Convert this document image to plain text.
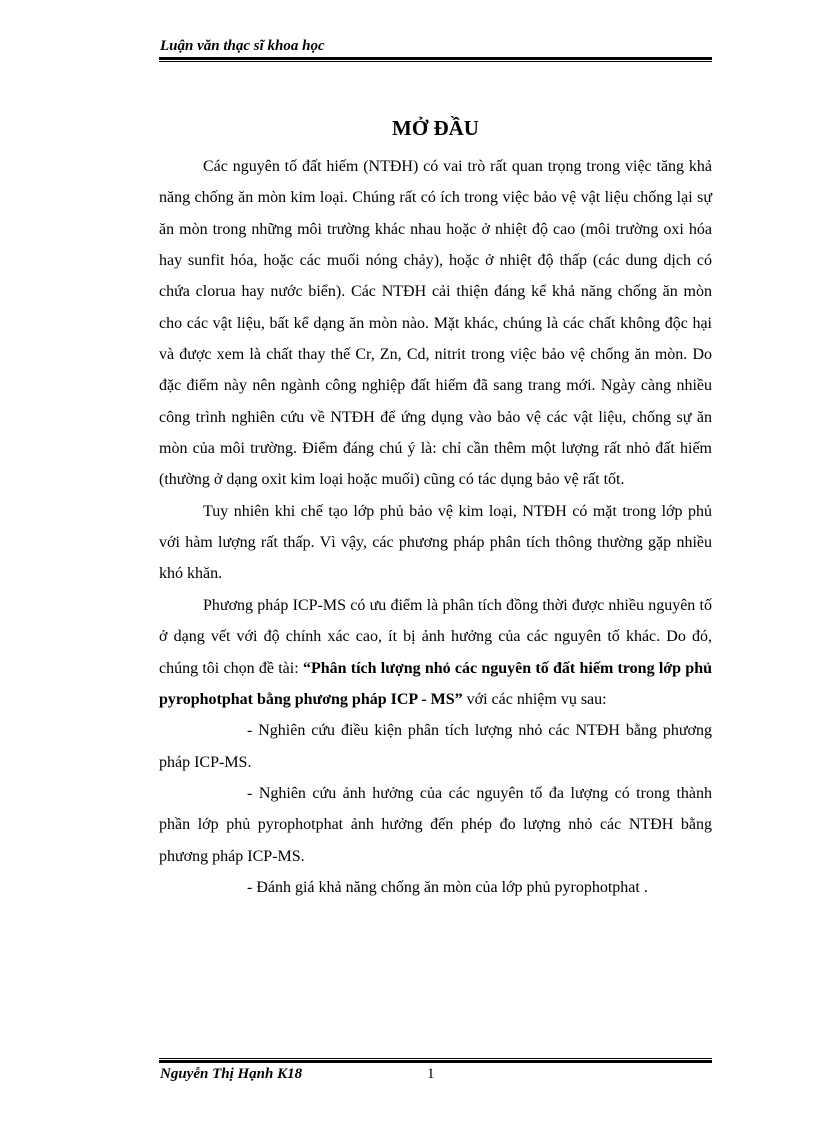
Luận văn thạc sĩ khoa học
MỞ ĐẦU

Các nguyên tố đất hiếm (NTĐH) có vai trò rất quan trọng trong việc tăng khả năng chống ăn mòn kim loại. Chúng rất có ích trong việc bảo vệ vật liệu chống lại sự ăn mòn trong những môi trường khác nhau hoặc ở nhiệt độ cao (môi trường oxi hóa hay sunfit hóa, hoặc các muối nóng chảy), hoặc ở nhiệt độ thấp (các dung dịch có chứa clorua hay nước biển). Các NTĐH cải thiện đáng kể khả năng chống ăn mòn cho các vật liệu, bất kể dạng ăn mòn nào. Mặt khác, chúng là các chất không độc hại và được xem là chất thay thế Cr, Zn, Cd, nitrit trong việc bảo vệ chống ăn mòn. Do đặc điểm này nên ngành công nghiệp đất hiếm đã sang trang mới. Ngày càng nhiều công trình nghiên cứu về NTĐH để ứng dụng vào bảo vệ các vật liệu, chống sự ăn mòn của môi trường. Điểm đáng chú ý là: chỉ cần thêm một lượng rất nhỏ đất hiếm (thường ở dạng oxit kim loại hoặc muối) cũng có tác dụng bảo vệ rất tốt.

Tuy nhiên khi chế tạo lớp phủ bảo vệ kim loại, NTĐH có mặt trong lớp phủ với hàm lượng rất thấp. Vì vậy, các phương pháp phân tích thông thường gặp nhiều khó khăn.

Phương pháp ICP-MS có ưu điểm là phân tích đồng thời được nhiều nguyên tố ở dạng vết với độ chính xác cao, ít bị ảnh hưởng của các nguyên tố khác. Do đó, chúng tôi chọn đề tài: “Phân tích lượng nhỏ các nguyên tố đất hiếm trong lớp phủ pyrophotphat bằng phương pháp ICP - MS” với các nhiệm vụ sau:

- Nghiên cứu điều kiện phân tích lượng nhỏ các NTĐH bằng phương pháp ICP-MS.

- Nghiên cứu ảnh hưởng của các nguyên tố đa lượng có trong thành phần lớp phủ pyrophotphat ảnh hưởng đến phép đo lượng nhỏ các NTĐH bằng phương pháp ICP-MS.

- Đánh giá khả năng chống ăn mòn của lớp phủ pyrophotphat .

Nguyễn Thị Hạnh K18	1
